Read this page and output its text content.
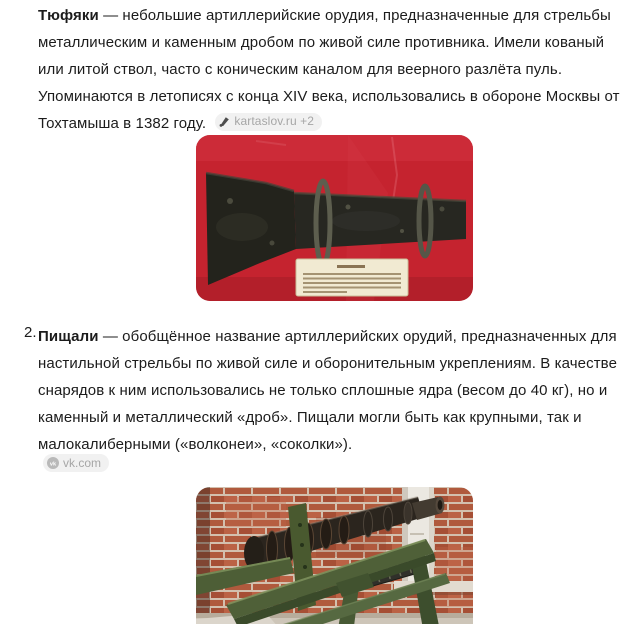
Тюфяки — небольшие артиллерийские орудия, предназначенные для стрельбы металлическим и каменным дробом по живой силе противника. Имели кованый или литой ствол, часто с коническим каналом для веерного разлёта пуль. Упоминаются в летописях с конца XIV века, использовались в обороне Москвы от Тохтамыша в 1382 году. kartaslov.ru +2

2. Пищали — обобщённое название артиллерийских орудий, предназначенных для настильной стрельбы по живой силе и оборонительным укреплениям. В качестве снарядов к ним использовались не только сплошные ядра (весом до 40 кг), но и каменный и металлический «дроб». Пищали могли быть как крупными, так и малокалиберными («волконеи», «соколки»).

vk vk.com
